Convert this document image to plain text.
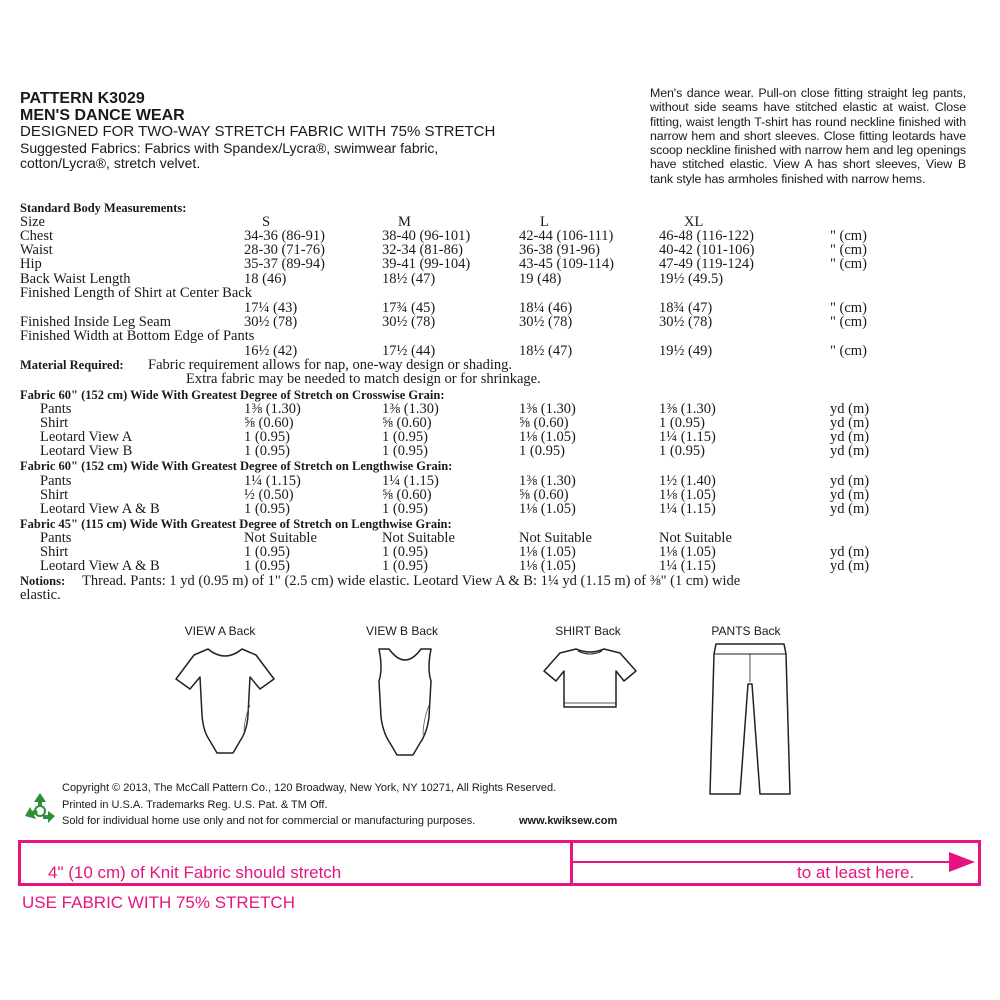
PATTERN K3029
MEN'S DANCE WEAR
DESIGNED FOR TWO-WAY STRETCH FABRIC WITH 75% STRETCH
Suggested Fabrics: Fabrics with Spandex/Lycra®, swimwear fabric,
cotton/Lycra®, stretch velvet.
Men's dance wear. Pull-on close fitting straight leg pants, without side seams have stitched elastic at waist. Close fitting, waist length T-shirt has round neckline finished with narrow hem and short sleeves. Close fitting leotards have scoop neckline finished with narrow hem and leg openings have stitched elastic. View A has short sleeves, View B tank style has armholes finished with narrow hems.
Standard Body Measurements:
Size	S	M	L	XL
Chest	34-36 (86-91)	38-40 (96-101)	42-44 (106-111)	46-48 (116-122)	" (cm)
Waist	28-30 (71-76)	32-34 (81-86)	36-38 (91-96)	40-42 (101-106)	" (cm)
Hip	35-37 (89-94)	39-41 (99-104)	43-45 (109-114)	47-49 (119-124)	" (cm)
Back Waist Length	18 (46)	18½ (47)	19 (48)	19½ (49.5)
Finished Length of Shirt at Center Back
17¼ (43)	17¾ (45)	18¼ (46)	18¾ (47)	" (cm)
Finished Inside Leg Seam	30½ (78)	30½ (78)	30½ (78)	30½ (78)	" (cm)
Finished Width at Bottom Edge of Pants
16½ (42)	17½ (44)	18½ (47)	19½ (49)	" (cm)
Material Required: Fabric requirement allows for nap, one-way design or shading.
Extra fabric may be needed to match design or for shrinkage.
Fabric 60" (152 cm) Wide With Greatest Degree of Stretch on Crosswise Grain:
Pants	1⅜ (1.30)	1⅜ (1.30)	1⅜ (1.30)	1⅜ (1.30)	yd (m)
Shirt	⅝ (0.60)	⅝ (0.60)	⅝ (0.60)	1 (0.95)	yd (m)
Leotard View A	1 (0.95)	1 (0.95)	1⅛ (1.05)	1¼ (1.15)	yd (m)
Leotard View B	1 (0.95)	1 (0.95)	1 (0.95)	1 (0.95)	yd (m)
Fabric 60" (152 cm) Wide With Greatest Degree of Stretch on Lengthwise Grain:
Pants	1¼ (1.15)	1¼ (1.15)	1⅜ (1.30)	1½ (1.40)	yd (m)
Shirt	½ (0.50)	⅝ (0.60)	⅝ (0.60)	1⅛ (1.05)	yd (m)
Leotard View A & B	1 (0.95)	1 (0.95)	1⅛ (1.05)	1¼ (1.15)	yd (m)
Fabric 45" (115 cm) Wide With Greatest Degree of Stretch on Lengthwise Grain:
Pants	Not Suitable	Not Suitable	Not Suitable	Not Suitable
Shirt	1 (0.95)	1 (0.95)	1⅛ (1.05)	1⅛ (1.05)	yd (m)
Leotard View A & B	1 (0.95)	1 (0.95)	1⅛ (1.05)	1¼ (1.15)	yd (m)
Notions: Thread. Pants: 1 yd (0.95 m) of 1" (2.5 cm) wide elastic. Leotard View A & B: 1¼ yd (1.15 m) of ⅜" (1 cm) wide
elastic.
VIEW A Back	VIEW B Back	SHIRT Back	PANTS Back
Copyright © 2013, The McCall Pattern Co., 120 Broadway, New York, NY 10271, All Rights Reserved.
Printed in U.S.A. Trademarks Reg. U.S. Pat. & TM Off.
Sold for individual home use only and not for commercial or manufacturing purposes.	www.kwiksew.com
4" (10 cm) of Knit Fabric should stretch	to at least here.
USE FABRIC WITH 75% STRETCH
